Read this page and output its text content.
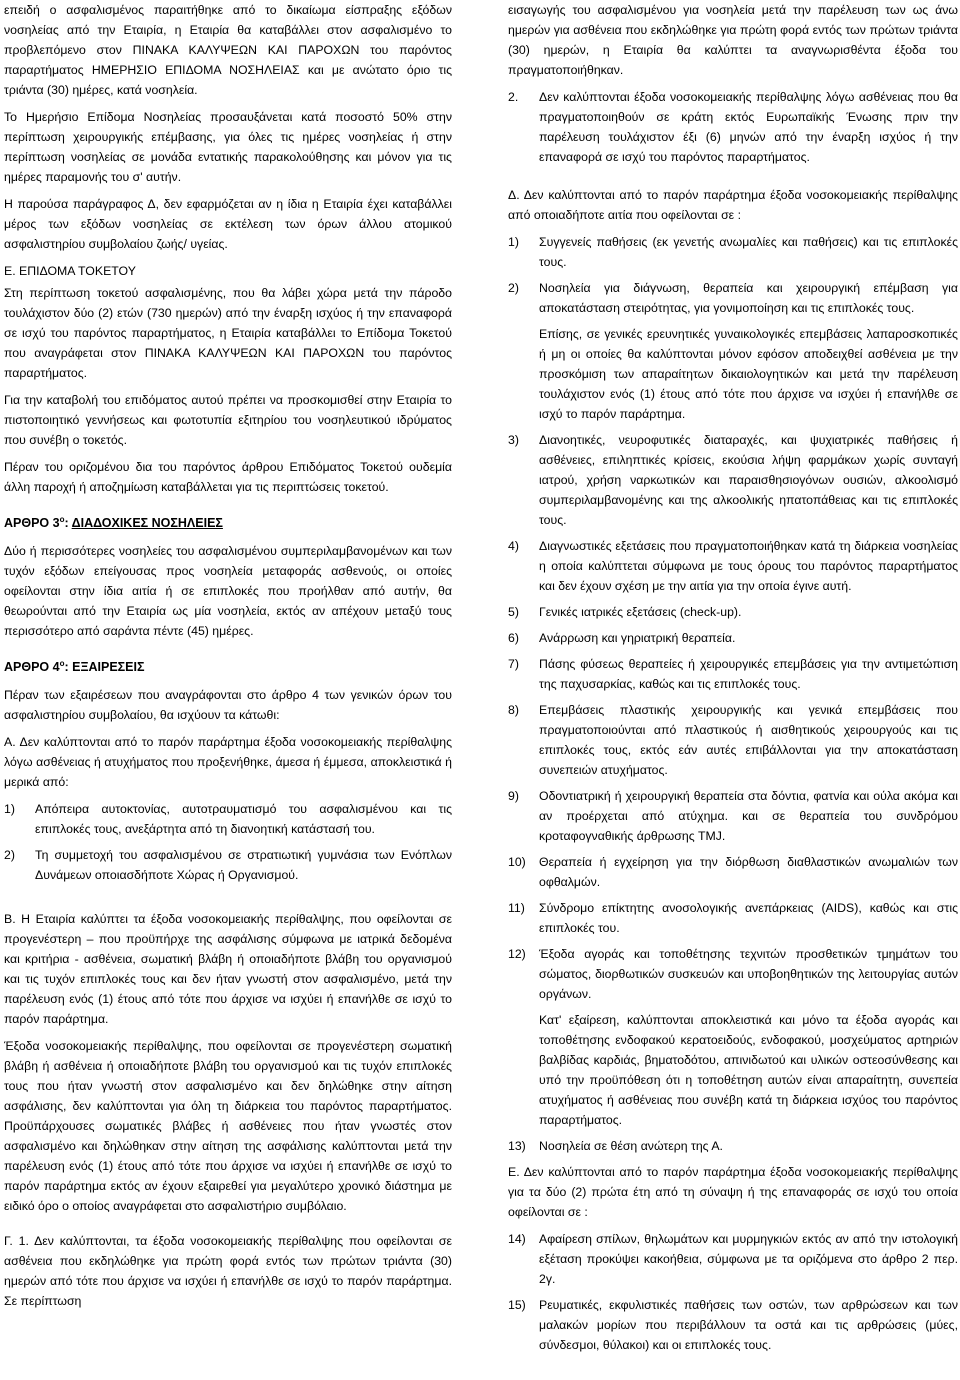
επειδή ο ασφαλισμένος παραιτήθηκε από το δικαίωμα είσπραξης εξόδων νοσηλείας από την Εταιρία, η Εταιρία θα καταβάλλει στον ασφαλισμένο το προβλεπόμενο στον ΠΙΝΑΚΑ ΚΑΛΥΨΕΩΝ ΚΑΙ ΠΑΡΟΧΩΝ του παρόντος παραρτήματος ΗΜΕΡΗΣΙΟ ΕΠΙΔΟΜΑ ΝΟΣΗΛΕΙΑΣ και με ανώτατο όριο τις τριάντα (30) ημέρες, κατά νοσηλεία.

Το Ημερήσιο Επίδομα Νοσηλείας προσαυξάνεται κατά ποσοστό 50% στην περίπτωση χειρουργικής επέμβασης, για όλες τις ημέρες νοσηλείας ή στην περίπτωση νοσηλείας σε μονάδα εντατικής παρακολούθησης και μόνον για τις ημέρες παραμονής του σ' αυτήν.

Η παρούσα παράγραφος Δ, δεν εφαρμόζεται αν η ίδια η Εταιρία έχει καταβάλλει μέρος των εξόδων νοσηλείας σε εκτέλεση των όρων άλλου ατομικού ασφαλιστηρίου συμβολαίου ζωής/ υγείας.

Ε. ΕΠΙΔΟΜΑ ΤΟΚΕΤΟΥ

Στη περίπτωση τοκετού ασφαλισμένης, που θα λάβει χώρα μετά την πάροδο τουλάχιστον δύο (2) ετών (730 ημερών) από την έναρξη ισχύος ή την επαναφορά σε ισχύ του παρόντος παραρτήματος, η Εταιρία καταβάλλει το Επίδομα Τοκετού που αναγράφεται στον ΠΙΝΑΚΑ ΚΑΛΥΨΕΩΝ ΚΑΙ ΠΑΡΟΧΩΝ του παρόντος παραρτήματος.

Για την καταβολή του επιδόματος αυτού πρέπει να προσκομισθεί στην Εταιρία το πιστοποιητικό γεννήσεως και φωτοτυπία εξιτηρίου του νοσηλευτικού ιδρύματος που συνέβη ο τοκετός.

Πέραν του οριζομένου δια του παρόντος άρθρου Επιδόματος Τοκετού ουδεμία άλλη παροχή ή αποζημίωση καταβάλλεται για τις περιπτώσεις τοκετού.

ΑΡΘΡΟ $3^o$: ΔΙΑΔΟΧΙΚΕΣ ΝΟΣΗΛΕΙΕΣ

Δύο ή περισσότερες νοσηλείες του ασφαλισμένου συμπεριλαμβανομένων και των τυχόν εξόδων επείγουσας προς νοσηλεία μεταφοράς ασθενούς, οι οποίες οφείλονται στην ίδια αιτία ή σε επιπλοκές που προήλθαν από αυτήν, θα θεωρούνται από την Εταιρία ως μία νοσηλεία, εκτός αν απέχουν μεταξύ τους περισσότερο από σαράντα πέντε (45) ημέρες.

ΑΡΘΡΟ $4^o$: ΕΞΑΙΡΕΣΕΙΣ

Πέραν των εξαιρέσεων που αναγράφονται στο άρθρο 4 των γενικών όρων του ασφαλιστηρίου συμβολαίου, θα ισχύουν τα κάτωθι:

Α. Δεν καλύπτονται από το παρόν παράρτημα έξοδα νοσοκομειακής περίθαλψης λόγω ασθένειας ή ατυχήματος που προξενήθηκε, άμεσα ή έμμεσα, αποκλειστικά ή μερικά από:

1) Απόπειρα αυτοκτονίας, αυτοτραυματισμό του ασφαλισμένου και τις επιπλοκές τους, ανεξάρτητα από τη διανοητική κατάστασή του.
2) Τη συμμετοχή του ασφαλισμένου σε στρατιωτική γυμνάσια των Ενόπλων Δυνάμεων οποιασδήποτε Χώρας ή Οργανισμού.

Β. Η Εταιρία καλύπτει τα έξοδα νοσοκομειακής περίθαλψης, που οφείλονται σε προγενέστερη – που προϋπήρχε της ασφάλισης σύμφωνα με ιατρικά δεδομένα και κριτήρια - ασθένεια, σωματική βλάβη ή οποιαδήποτε βλάβη του οργανισμού και τις τυχόν επιπλοκές τους και δεν ήταν γνωστή στον ασφαλισμένο, μετά την παρέλευση ενός (1) έτους από τότε που άρχισε να ισχύει ή επανήλθε σε ισχύ το παρόν παράρτημα.

Έξοδα νοσοκομειακής περίθαλψης, που οφείλονται σε προγενέστερη σωματική βλάβη ή ασθένεια ή οποιαδήποτε βλάβη του οργανισμού και τις τυχόν επιπλοκές τους που ήταν γνωστή στον ασφαλισμένο και δεν δηλώθηκε στην αίτηση ασφάλισης, δεν καλύπτονται για όλη τη διάρκεια του παρόντος παραρτήματος. Προϋπάρχουσες σωματικές βλάβες ή ασθένειες που ήταν γνωστές στον ασφαλισμένο και δηλώθηκαν στην αίτηση της ασφάλισης καλύπτονται μετά την παρέλευση ενός (1) έτους από τότε που άρχισε να ισχύει ή επανήλθε σε ισχύ το παρόν παράρτημα εκτός αν έχουν εξαιρεθεί για μεγαλύτερο χρονικό διάστημα με ειδικό όρο ο οποίος αναγράφεται στο ασφαλιστήριο συμβόλαιο.

Γ. 1. Δεν καλύπτονται, τα έξοδα νοσοκομειακής περίθαλψης που οφείλονται σε ασθένεια που εκδηλώθηκε για πρώτη φορά εντός των πρώτων τριάντα (30) ημερών από τότε που άρχισε να ισχύει ή επανήλθε σε ισχύ το παρόν παράρτημα. Σε περίπτωση

εισαγωγής του ασφαλισμένου για νοσηλεία μετά την παρέλευση των ως άνω ημερών για ασθένεια που εκδηλώθηκε για πρώτη φορά εντός των πρώτων τριάντα (30) ημερών, η Εταιρία θα καλύπτει τα αναγνωρισθέντα έξοδα του πραγματοποιήθηκαν.

2. Δεν καλύπτονται έξοδα νοσοκομειακής περίθαλψης λόγω ασθένειας που θα πραγματοποιηθούν σε κράτη εκτός Ευρωπαϊκής Ένωσης πριν την παρέλευση τουλάχιστον έξι (6) μηνών από την έναρξη ισχύος ή την επαναφορά σε ισχύ του παρόντος παραρτήματος.

Δ. Δεν καλύπτονται από το παρόν παράρτημα έξοδα νοσοκομειακής περίθαλψης από οποιαδήποτε αιτία που οφείλονται σε :

1) Συγγενείς παθήσεις (εκ γενετής ανωμαλίες και παθήσεις) και τις επιπλοκές τους.
2) Νοσηλεία για διάγνωση, θεραπεία και χειρουργική επέμβαση για αποκατάσταση στειρότητας, για γονιμοποίηση και τις επιπλοκές τους.

Επίσης, σε γενικές ερευνητικές γυναικολογικές επεμβάσεις λαπαροσκοπικές ή μη οι οποίες θα καλύπτονται μόνον εφόσον αποδειχθεί ασθένεια με την προσκόμιση των απαραίτητων δικαιολογητικών και μετά την παρέλευση τουλάχιστον ενός (1) έτους από τότε που άρχισε να ισχύει ή επανήλθε σε ισχύ το παρόν παράρτημα.

3) Διανοητικές, νευροφυτικές διαταραχές, και ψυχιατρικές παθήσεις ή ασθένειες, επιληπτικές κρίσεις, εκούσια λήψη φαρμάκων χωρίς συνταγή ιατρού, χρήση ναρκωτικών και παραισθησιογόνων ουσιών, αλκοολισμό συμπεριλαμβανομένης και της αλκοολικής ηπατοπάθειας και τις επιπλοκές τους.
4) Διαγνωστικές εξετάσεις που πραγματοποιήθηκαν κατά τη διάρκεια νοσηλείας η οποία καλύπτεται σύμφωνα με τους όρους του παρόντος παραρτήματος και δεν έχουν σχέση με την αιτία για την οποία έγινε αυτή.
5) Γενικές ιατρικές εξετάσεις (check-up).
6) Ανάρρωση και γηριατρική θεραπεία.
7) Πάσης φύσεως θεραπείες ή χειρουργικές επεμβάσεις για την αντιμετώπιση της παχυσαρκίας, καθώς και τις επιπλοκές τους.
8) Επεμβάσεις πλαστικής χειρουργικής και γενικά επεμβάσεις που πραγματοποιούνται από πλαστικούς ή αισθητικούς χειρουργούς και τις επιπλοκές τους, εκτός εάν αυτές επιβάλλονται για την αποκατάσταση συνεπειών ατυχήματος.
9) Οδοντιατρική ή χειρουργική θεραπεία στα δόντια, φατνία και ούλα ακόμα και αν προέρχεται από ατύχημα. και σε θεραπεία του συνδρόμου κροταφογναθικής άρθρωσης TMJ.
10) Θεραπεία ή εγχείρηση για την διόρθωση διαθλαστικών ανωμαλιών των οφθαλμών.
11) Σύνδρομο επίκτητης ανοσολογικής ανεπάρκειας (AIDS), καθώς και στις επιπλοκές του.
12) Έξοδα αγοράς και τοποθέτησης τεχνιτών προσθετικών τμημάτων του σώματος, διορθωτικών συσκευών και υποβοηθητικών της λειτουργίας αυτών οργάνων.

Κατ' εξαίρεση, καλύπτονται αποκλειστικά και μόνο τα έξοδα αγοράς και τοποθέτησης ενδοφακού κερατοειδούς, ενδοφακού, μοσχεύματος αρτηριών βαλβίδας καρδιάς, βηματοδότου, απινιδωτού και υλικών οστεοσύνθεσης και υπό την προϋπόθεση ότι η τοποθέτηση αυτών είναι απαραίτητη, συνεπεία ατυχήματος ή ασθένειας που συνέβη κατά τη διάρκεια ισχύος του παρόντος παραρτήματος.

13) Νοσηλεία σε θέση ανώτερη της Α.

Ε. Δεν καλύπτονται από το παρόν παράρτημα έξοδα νοσοκομειακής περίθαλψης για τα δύο (2) πρώτα έτη από τη σύναψη ή της επαναφοράς σε ισχύ του οποία οφείλονται σε :

14) Αφαίρεση σπίλων, θηλωμάτων και μυρμηγκιών εκτός αν από την ιστολογική εξέταση προκύψει κακοήθεια, σύμφωνα με τα οριζόμενα στο άρθρο 2 περ. 2γ.
15) Ρευματικές, εκφυλιστικές παθήσεις των οστών, των αρθρώσεων και των μαλακών μορίων που περιβάλλουν τα οστά και τις αρθρώσεις (μύες, σύνδεσμοι, θύλακοι) και οι επιπλοκές τους.
